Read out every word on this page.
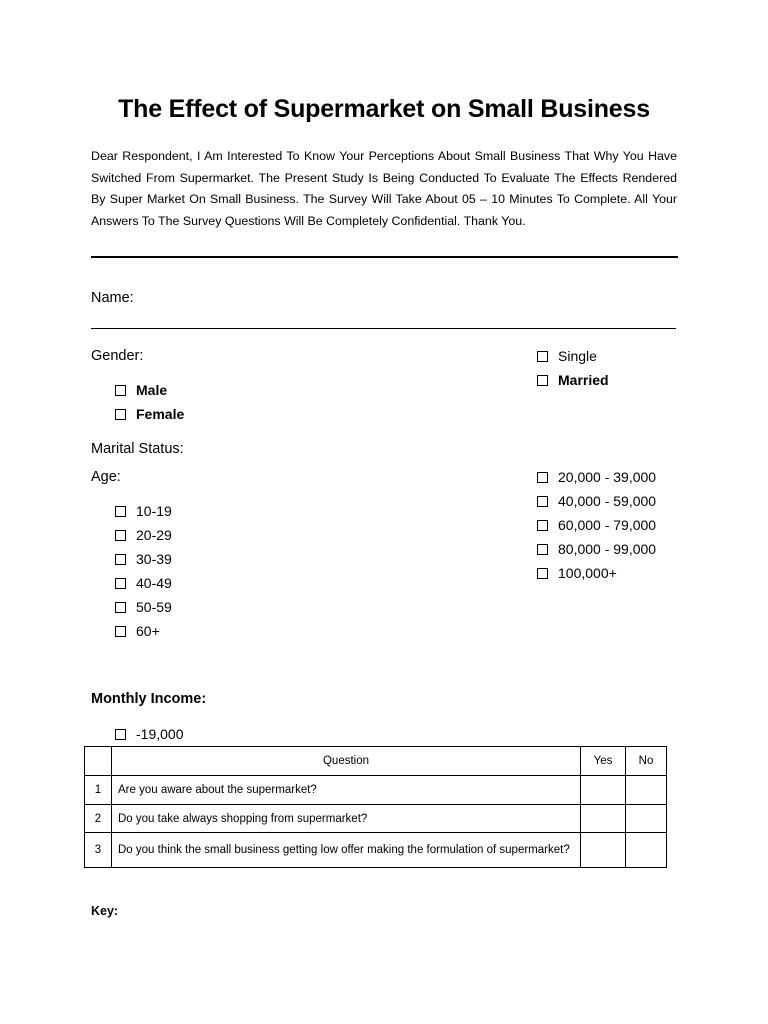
The Effect of Supermarket on Small Business
Dear Respondent, I Am Interested To Know Your Perceptions About Small Business That Why You Have Switched From Supermarket. The Present Study Is Being Conducted To Evaluate The Effects Rendered By Super Market On Small Business. The Survey Will Take About 05 – 10 Minutes To Complete. All Your Answers To The Survey Questions Will Be Completely Confidential. Thank You.
Name:
Gender:
Male
Female
Single
Married
Marital Status:
Age:
10-19
20-29
30-39
40-49
50-59
60+
20,000 - 39,000
40,000 - 59,000
60,000 - 79,000
80,000 - 99,000
100,000+
Monthly Income:
-19,000
	Question	Yes	No
1	Are you aware about the supermarket?		
2	Do you take always shopping from supermarket?		
3	Do you think the small business getting low offer making the formulation of supermarket?		
Key:
